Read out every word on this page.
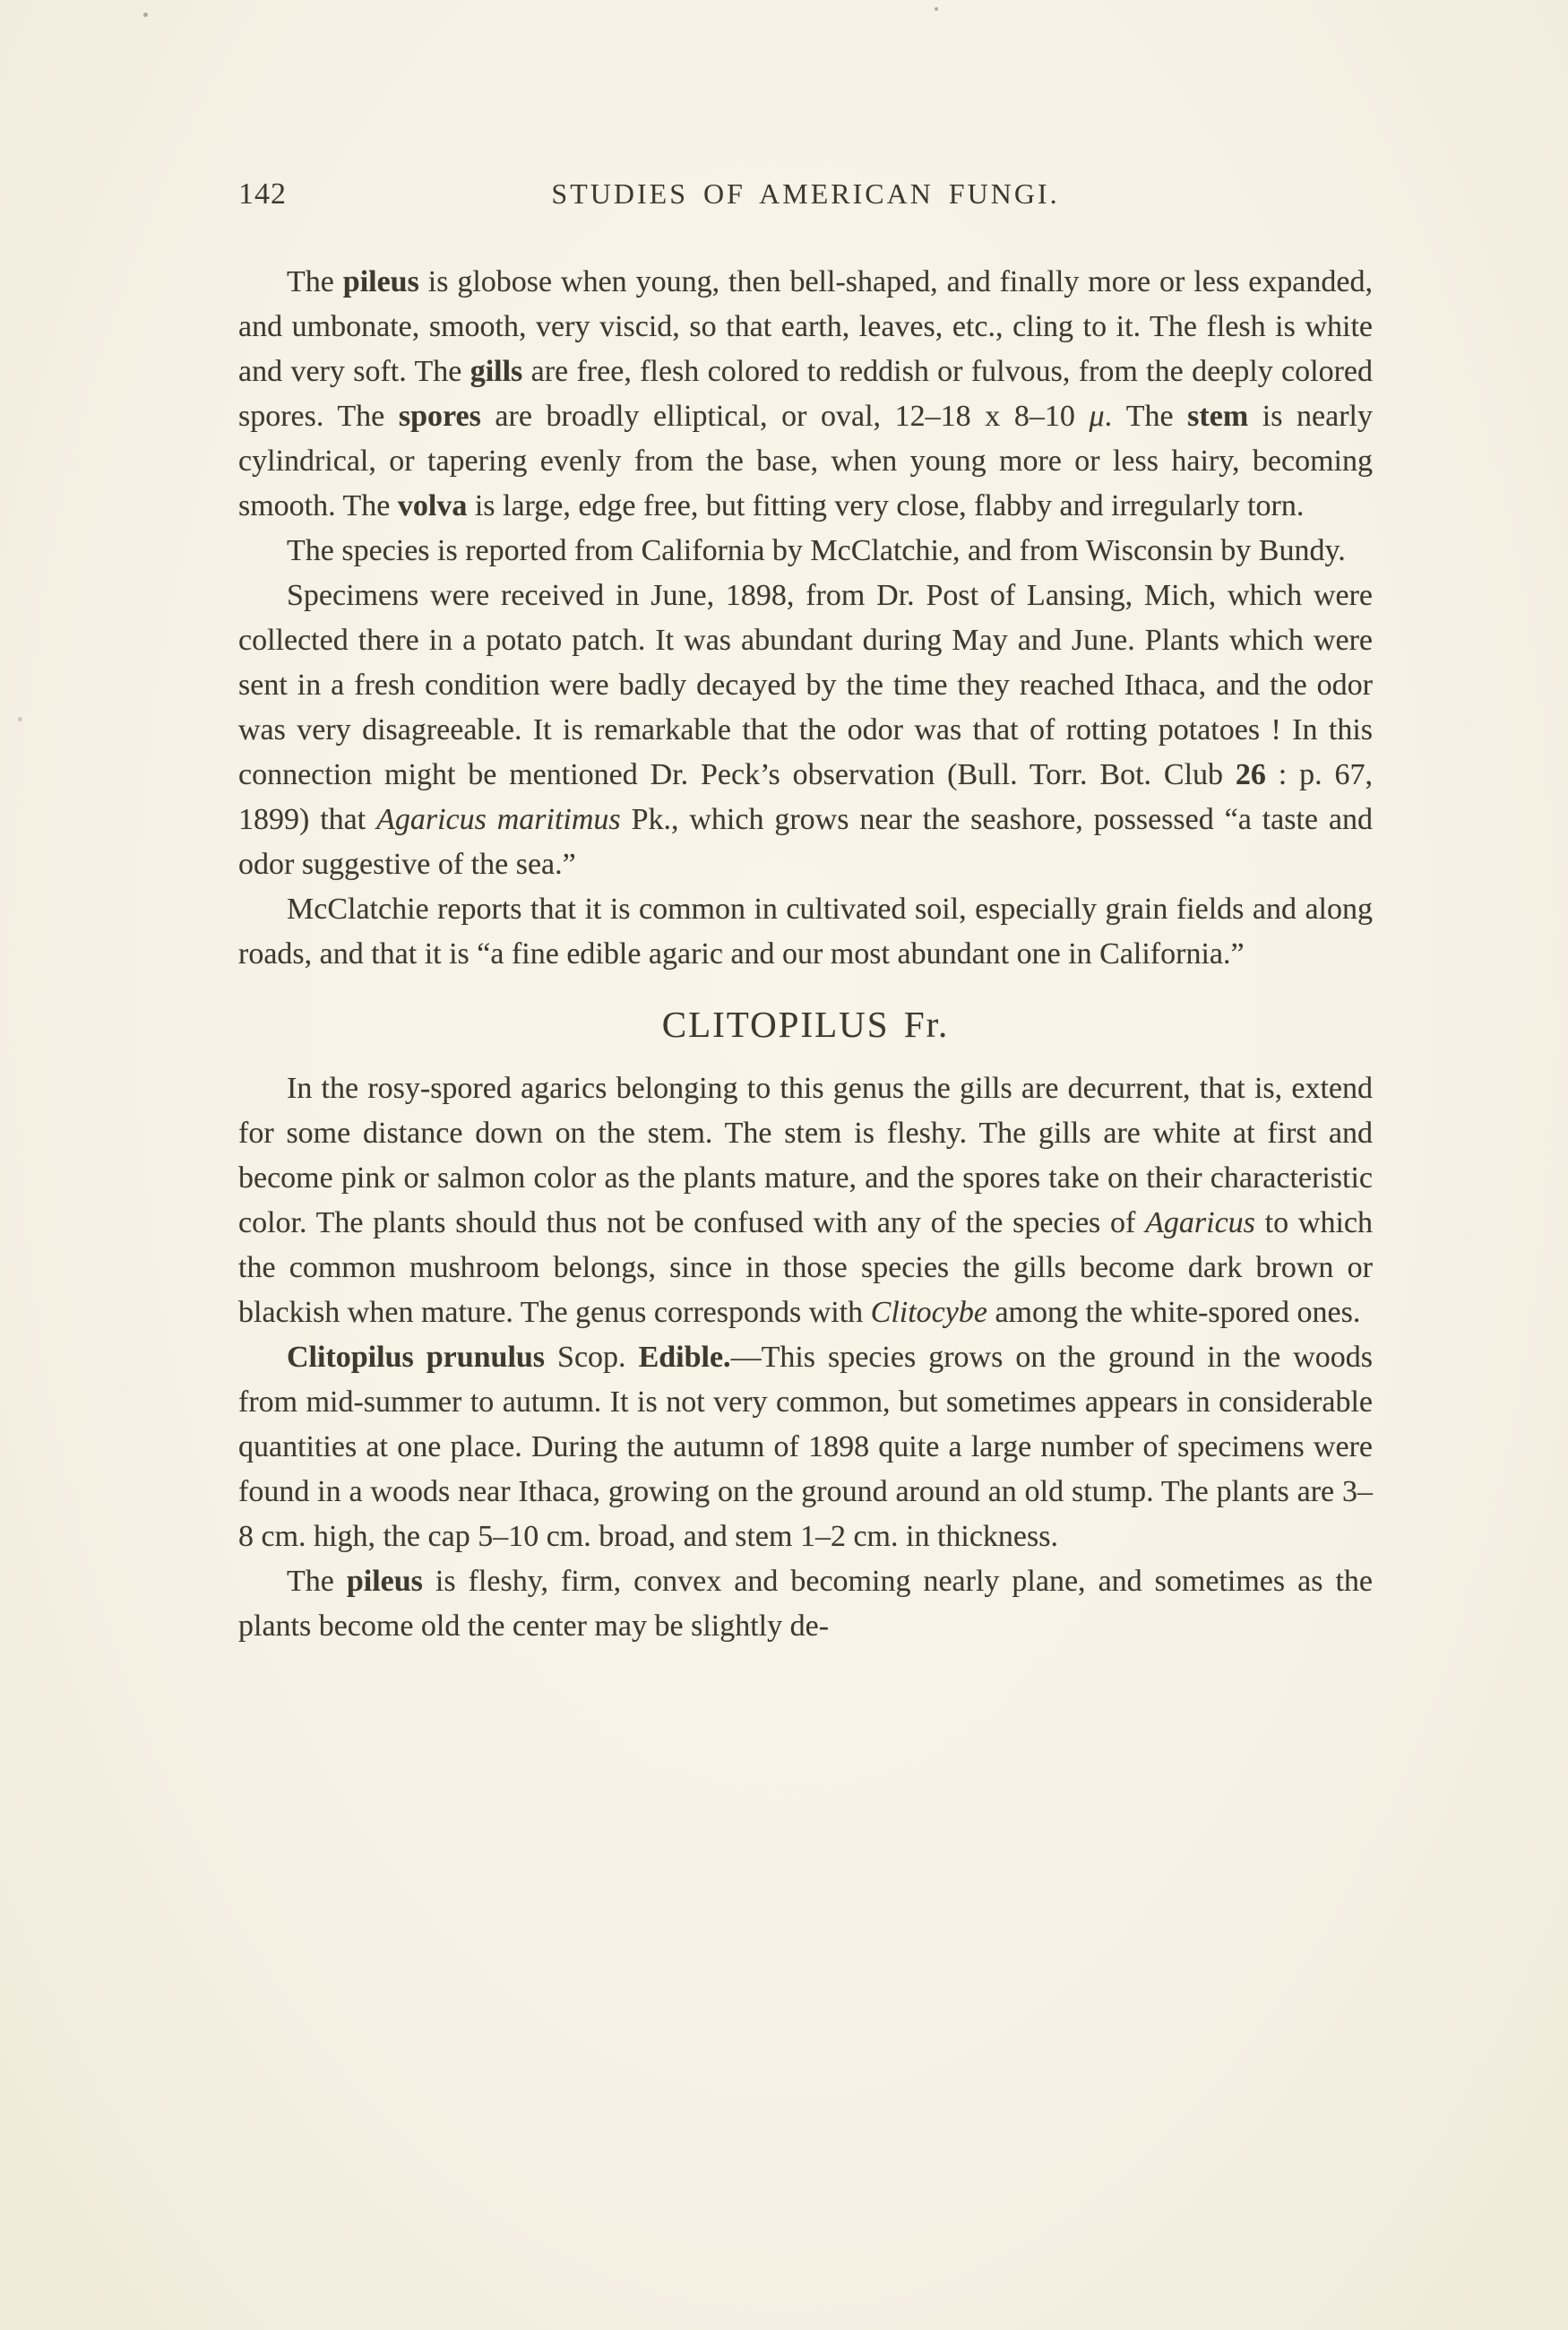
142	STUDIES OF AMERICAN FUNGI.

The pileus is globose when young, then bell-shaped, and finally more or less expanded, and umbonate, smooth, very viscid, so that earth, leaves, etc., cling to it. The flesh is white and very soft. The gills are free, flesh colored to reddish or fulvous, from the deeply colored spores. The spores are broadly elliptical, or oval, 12–18 x 8–10 μ. The stem is nearly cylindrical, or tapering evenly from the base, when young more or less hairy, becoming smooth. The volva is large, edge free, but fitting very close, flabby and irregularly torn.

The species is reported from California by McClatchie, and from Wisconsin by Bundy.

Specimens were received in June, 1898, from Dr. Post of Lansing, Mich, which were collected there in a potato patch. It was abundant during May and June. Plants which were sent in a fresh condition were badly decayed by the time they reached Ithaca, and the odor was very disagreeable. It is remarkable that the odor was that of rotting potatoes ! In this connection might be mentioned Dr. Peck’s observation (Bull. Torr. Bot. Club 26 : p. 67, 1899) that Agaricus maritimus Pk., which grows near the seashore, possessed “a taste and odor suggestive of the sea.”

McClatchie reports that it is common in cultivated soil, especially grain fields and along roads, and that it is “a fine edible agaric and our most abundant one in California.”

CLITOPILUS Fr.

In the rosy-spored agarics belonging to this genus the gills are decurrent, that is, extend for some distance down on the stem. The stem is fleshy. The gills are white at first and become pink or salmon color as the plants mature, and the spores take on their characteristic color. The plants should thus not be confused with any of the species of Agaricus to which the common mushroom belongs, since in those species the gills become dark brown or blackish when mature. The genus corresponds with Clitocybe among the white-spored ones.

Clitopilus prunulus Scop. Edible.—This species grows on the ground in the woods from mid-summer to autumn. It is not very common, but sometimes appears in considerable quantities at one place. During the autumn of 1898 quite a large number of specimens were found in a woods near Ithaca, growing on the ground around an old stump. The plants are 3–8 cm. high, the cap 5–10 cm. broad, and stem 1–2 cm. in thickness.

The pileus is fleshy, firm, convex and becoming nearly plane, and sometimes as the plants become old the center may be slightly de-
